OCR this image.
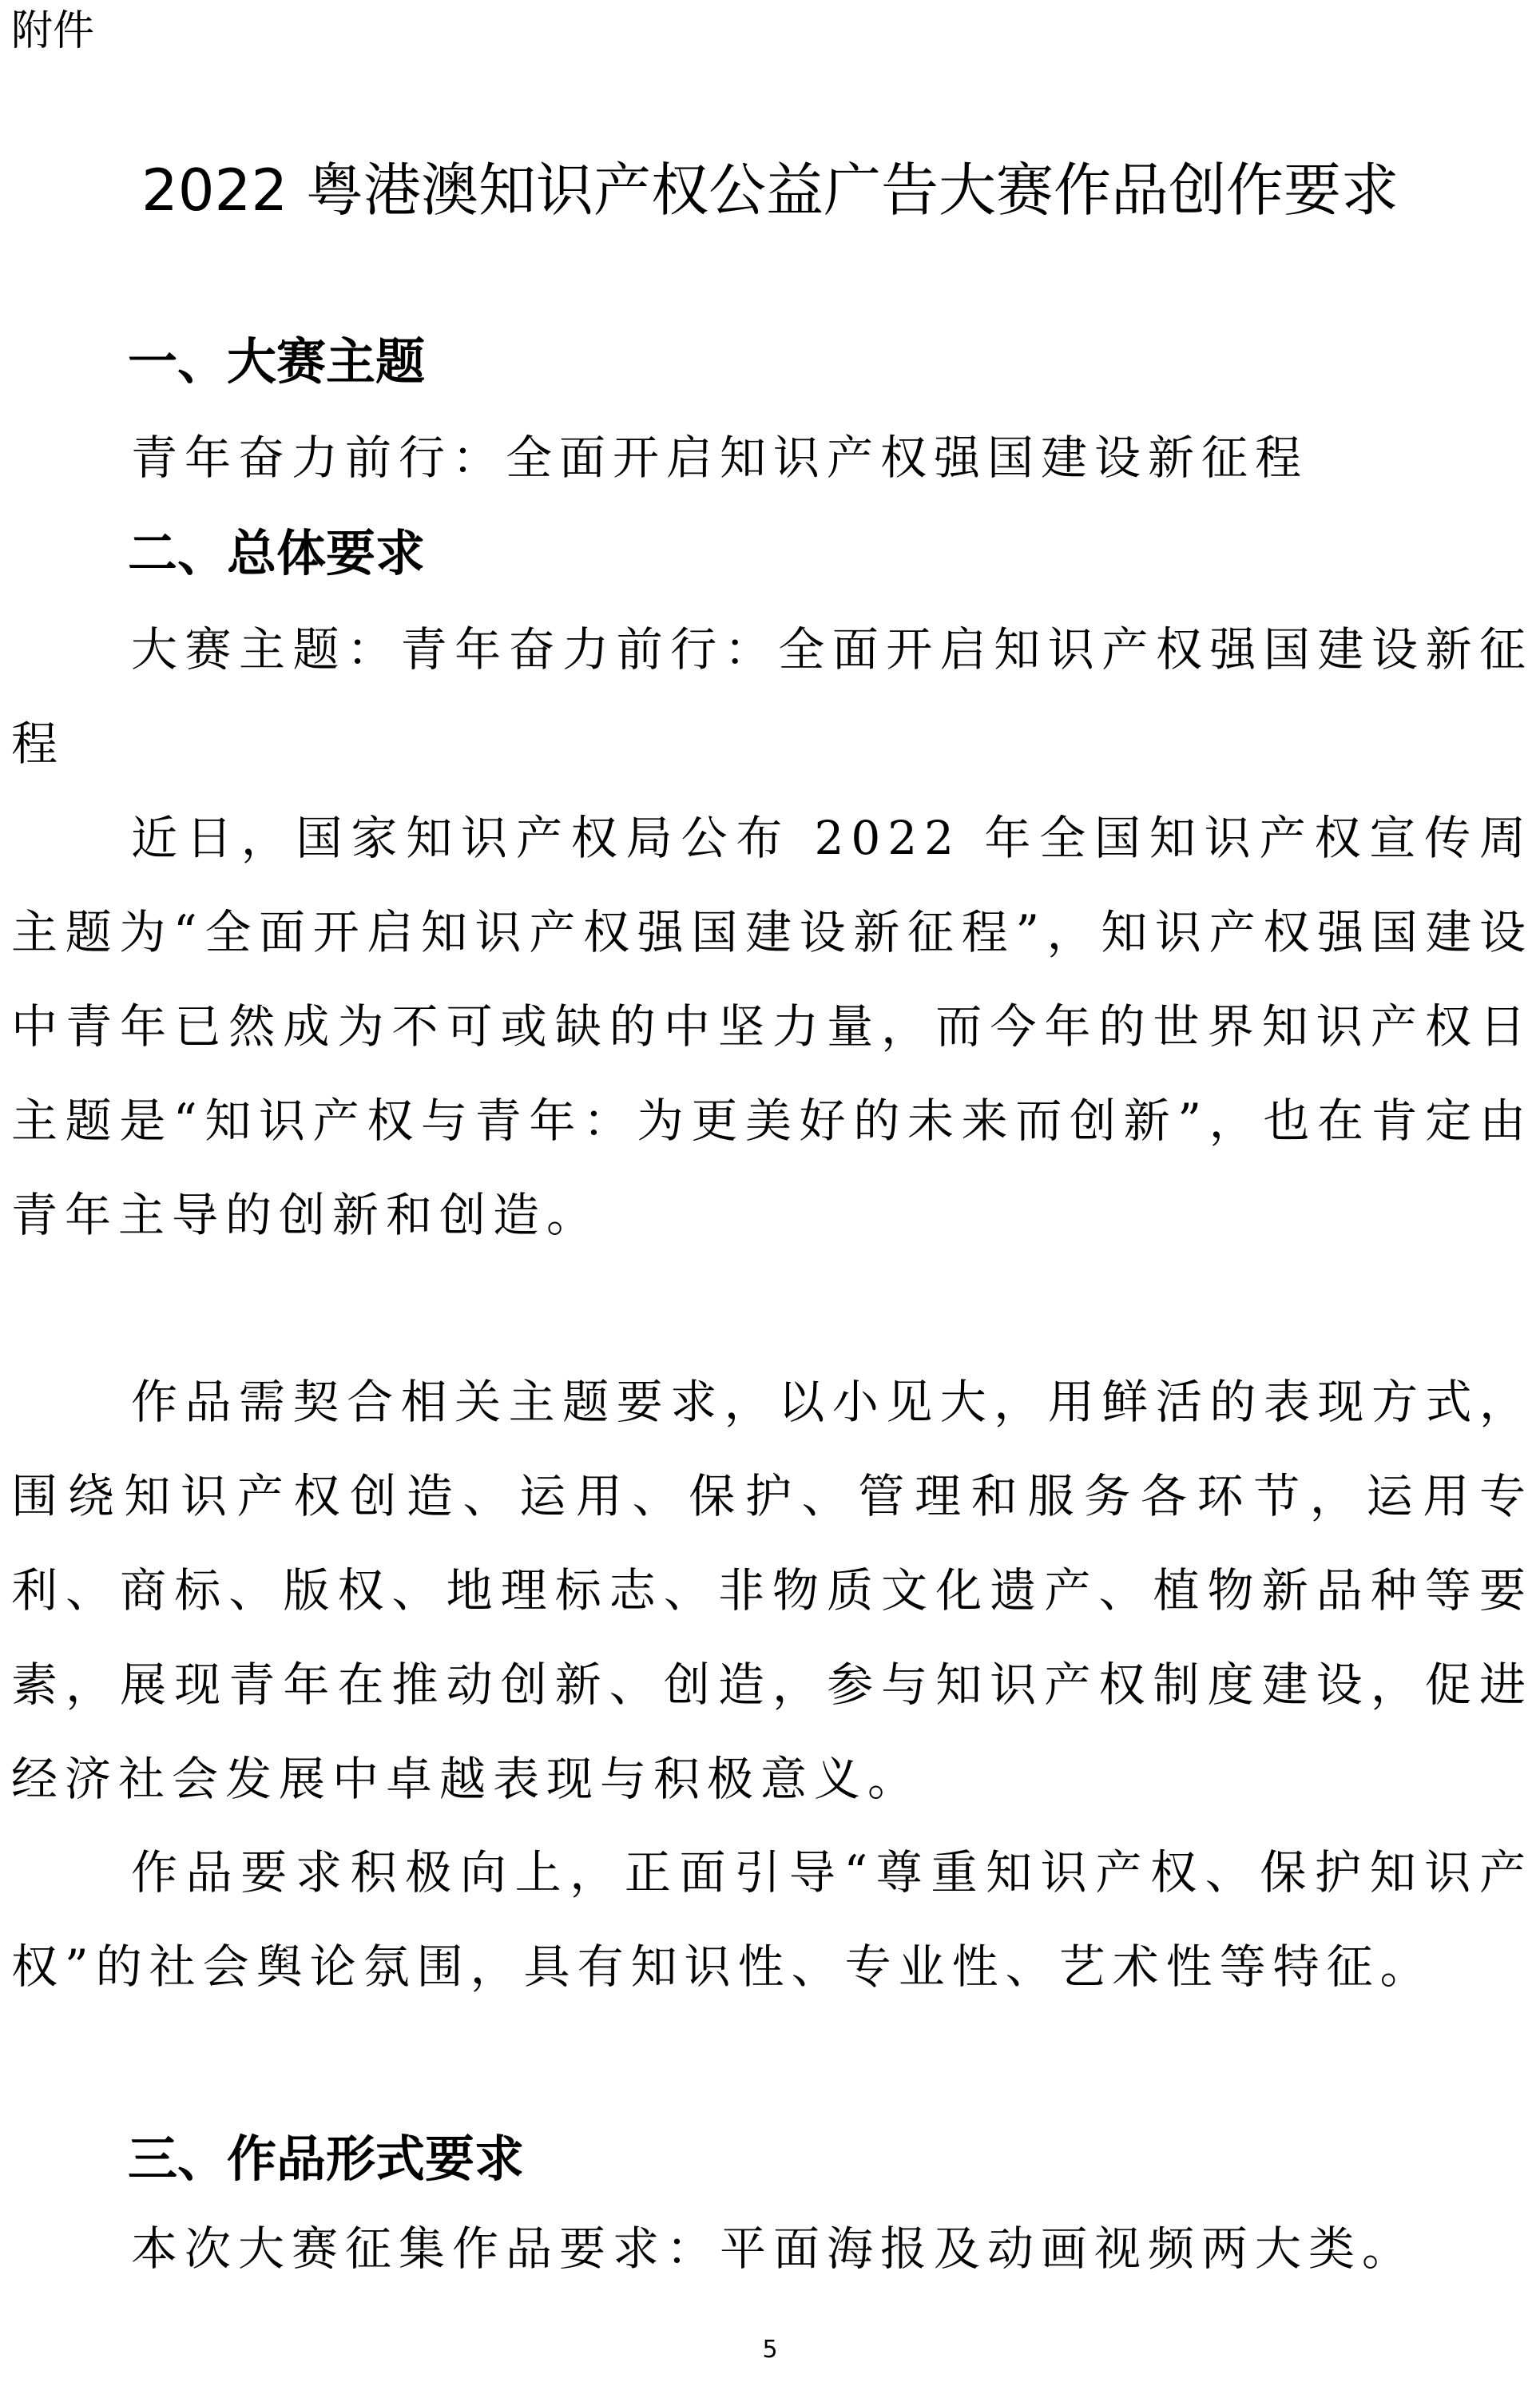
附件
2022 粤港澳知识产权公益广告大赛作品创作要求
一、大赛主题
青年奋力前行：全面开启知识产权强国建设新征程
二、总体要求

大赛主题：青年奋力前行：全面开启知识产权强国建设新征程

近日，国家知识产权局公布 2022 年全国知识产权宣传周主题为“全面开启知识产权强国建设新征程”，知识产权强国建设中青年已然成为不可或缺的中坚力量，而今年的世界知识产权日主题是“知识产权与青年：为更美好的未来而创新”，也在肯定由青年主导的创新和创造。

作品需契合相关主题要求，以小见大，用鲜活的表现方式，围绕知识产权创造、运用、保护、管理和服务各环节，运用专利、商标、版权、地理标志、非物质文化遗产、植物新品种等要素，展现青年在推动创新、创造，参与知识产权制度建设，促进经济社会发展中卓越表现与积极意义。

作品要求积极向上，正面引导“尊重知识产权、保护知识产权”的社会舆论氛围，具有知识性、专业性、艺术性等特征。

三、作品形式要求
本次大赛征集作品要求：平面海报及动画视频两大类。
5
